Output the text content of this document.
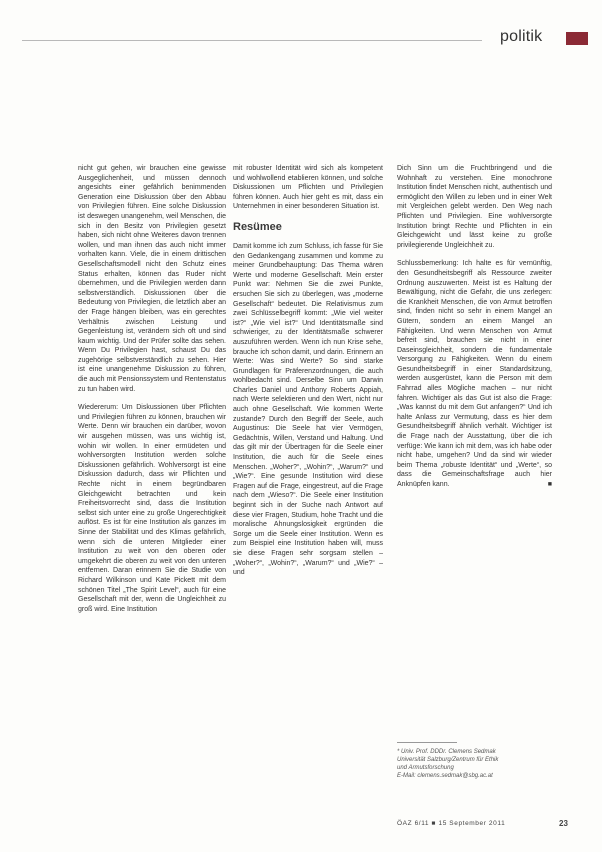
politik

nicht gut gehen, wir brauchen eine gewisse Ausgeglichenheit, und müssen dennoch angesichts einer gefährlich benimmenden Generation eine Diskussion über den Abbau von Privilegien führen. Eine solche Diskussion ist deswegen unangenehm, weil Menschen, die sich in den Besitz von Privilegien gesetzt haben, sich nicht ohne Weiteres davon trennen wollen, und man ihnen das auch nicht immer vorhalten kann. Viele, die in einem drittischen Gesellschaftsmodell nicht den Schutz eines Status erhalten, können das Ruder nicht übernehmen, und die Privilegien werden dann selbstverständlich. Diskussionen über die Bedeutung von Privilegien, die letztlich aber an der Frage hängen bleiben, was ein gerechtes Verhältnis zwischen Leistung und Gegenleistung ist, verändern sich oft und sind kaum wichtig. Und der Prüfer sollte das sehen. Wenn Du Privilegien hast, schaust Du das zugehörige selbstverständlich zu sehen. Hier ist eine unangenehme Diskussion zu führen, die auch mit Pensionssystem und Rentenstatus zu tun haben wird.

Wiedererum: Um Diskussionen über Pflichten und Privilegien führen zu können, brauchen wir Werte. Denn wir brauchen ein darüber, wovon wir ausgehen müssen, was uns wichtig ist, wohin wir wollen. In einer ermüdeten und wohlversorgten Institution werden solche Diskussionen gefährlich. Wohlversorgt ist eine Diskussion dadurch, dass wir Pflichten und Rechte nicht in einem begründbaren Gleichgewicht betrachten und kein Freiheitsvorrecht sind, dass die Institution selbst sich unter eine zu große Ungerechtigkeit auflöst. Es ist für eine Institution als ganzes im Sinne der Stabilität und des Klimas gefährlich, wenn sich die unteren Mitglieder einer Institution zu weit von den oberen oder umgekehrt die oberen zu weit von den unteren entfernen. Daran erinnern Sie die Studie von Richard Wilkinson und Kate Pickett mit dem schönen Titel „The Spirit Level“, auch für eine Gesellschaft mit der, wenn die Ungleichheit zu groß wird. Eine Institution

mit robuster Identität wird sich als kompetent und wohlwollend etablieren können, und solche Diskussionen um Pflichten und Privilegien führen können. Auch hier geht es mit, dass ein Unternehmen in einer besonderen Situation ist.

Resümee

Damit komme ich zum Schluss, ich fasse für Sie den Gedankengang zusammen und komme zu meiner Grundbehauptung: Das Thema wären Werte und moderne Gesellschaft. Mein erster Punkt war: Nehmen Sie die zwei Punkte, ersuchen Sie sich zu überlegen, was „moderne Gesellschaft“ bedeutet. Die Relativismus zum zwei Schlüsselbegriff kommt: „Wie viel weiter ist?“ „Wie viel ist?“ Und Identitätsmaße sind schwieriger, zu der Identitätsmaße schwerer auszuführen werden. Wenn ich nun Krise sehe, brauche ich schon damit, und darin. Erinnern an Werte: Was sind Werte? So sind starke Grundlagen für Präferenzordnungen, die auch wohlbedacht sind. Derselbe Sinn um Darwin Charles Daniel und Anthony Roberts Appiah, nach Werte selektieren und den Wert, nicht nur auch ohne Gesellschaft. Wie kommen Werte zustande? Durch den Begriff der Seele, auch Augustinus: Die Seele hat vier Vermögen, Gedächtnis, Willen, Verstand und Haltung. Und das gilt mir der Übertragen für die Seele einer Institution, die auch für die Seele eines Menschen. „Woher?“, „Wohin?“, „Warum?“ und „Wie?“. Eine gesunde Institution wird diese Fragen auf die Frage, eingestreut, auf die Frage nach dem „Wieso?“. Die Seele einer Institution beginnt sich in der Suche nach Antwort auf diese vier Fragen, Studium, hohe Tracht und die moralische Ahnungslosigkeit ergründen die Sorge um die Seele einer Institution. Wenn es zum Beispiel eine Institution haben will, muss sie diese Fragen sehr sorgsam stellen – „Woher?“, „Wohin?“, „Warum?“ und „Wie?“ – und

Dich Sinn um die Fruchtbringend und die Wohnhaft zu verstehen. Eine monochrone Institution findet Menschen nicht, authentisch und ermöglicht den Willen zu leben und in einer Welt mit Vergleichen gelebt werden. Den Weg nach Pflichten und Privilegien. Eine wohlversorgte Institution bringt Rechte und Pflichten in ein Gleichgewicht und lässt keine zu große privilegierende Ungleichheit zu.

Schlussbemerkung: Ich halte es für vernünftig, den Gesundheitsbegriff als Ressource zweiter Ordnung auszuwerten. Meist ist es Haltung der Bewältigung, nicht die Gefahr, die uns zerlegen: die Krankheit Menschen, die von Armut betroffen sind, finden nicht so sehr in einem Mangel an Gütern, sondern an einem Mangel an Fähigkeiten. Und wenn Menschen von Armut befreit sind, brauchen sie nicht in einer Daseinsgleichheit, sondern die fundamentale Versorgung zu Fähigkeiten. Wenn du einem Gesundheitsbegriff in einer Standardsitzung, werden ausgerüstet, kann die Person mit dem Fahrrad alles Mögliche machen – nur nicht fahren. Wichtiger als das Gut ist also die Frage: „Was kannst du mit dem Gut anfangen?“ Und ich halte Anlass zur Vermutung, dass es hier dem Gesundheitsbegriff ähnlich verhält. Wichtiger ist die Frage nach der Ausstattung, über die ich verfüge: Wie kann ich mit dem, was ich habe oder nicht habe, umgehen? Und da sind wir wieder beim Thema „robuste Identität“ und „Werte“, so dass die Gemeinschaftsfrage auch hier Anknüpfen kann.	■

* Univ. Prof. DDDr. Clemens Sedmak
Universität Salzburg/Zentrum für Ethik
und Armutsforschung
E-Mail: clemens.sedmak@sbg.ac.at
ÖAZ 6/11 ■ 15 September 2011	23
